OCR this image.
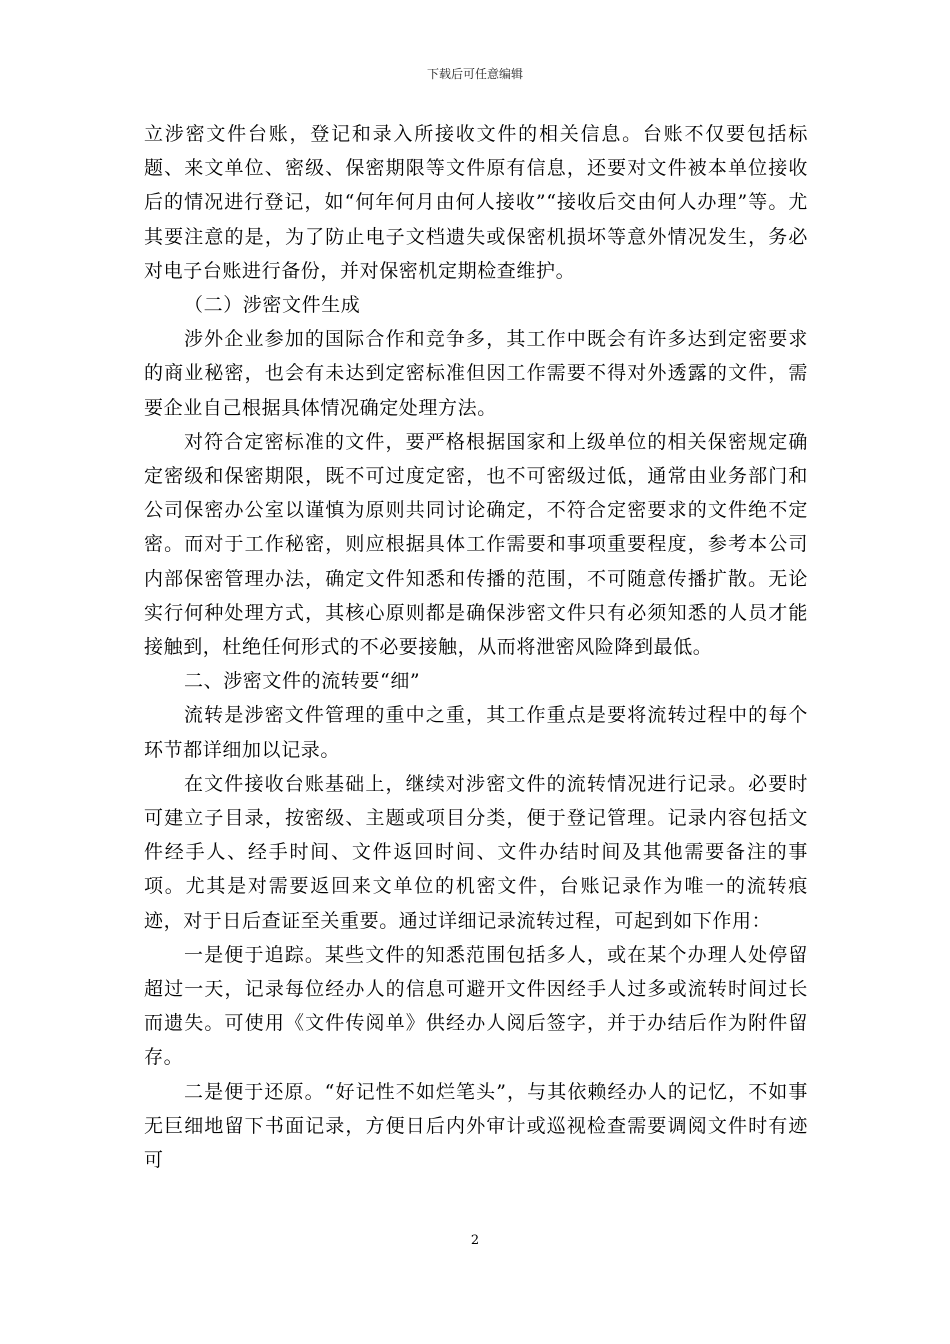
下载后可任意编辑

立涉密文件台账，登记和录入所接收文件的相关信息。台账不仅要包括标题、来文单位、密级、保密期限等文件原有信息，还要对文件被本单位接收后的情况进行登记，如“何年何月由何人接收”“接收后交由何人办理”等。尤其要注意的是，为了防止电子文档遗失或保密机损坏等意外情况发生，务必对电子台账进行备份，并对保密机定期检查维护。

（二）涉密文件生成

涉外企业参加的国际合作和竞争多，其工作中既会有许多达到定密要求的商业秘密，也会有未达到定密标准但因工作需要不得对外透露的文件，需要企业自己根据具体情况确定处理方法。

对符合定密标准的文件，要严格根据国家和上级单位的相关保密规定确定密级和保密期限，既不可过度定密，也不可密级过低，通常由业务部门和公司保密办公室以谨慎为原则共同讨论确定，不符合定密要求的文件绝不定密。而对于工作秘密，则应根据具体工作需要和事项重要程度，参考本公司内部保密管理办法，确定文件知悉和传播的范围，不可随意传播扩散。无论实行何种处理方式，其核心原则都是确保涉密文件只有必须知悉的人员才能接触到，杜绝任何形式的不必要接触，从而将泄密风险降到最低。

二、涉密文件的流转要“细”

流转是涉密文件管理的重中之重，其工作重点是要将流转过程中的每个环节都详细加以记录。

在文件接收台账基础上，继续对涉密文件的流转情况进行记录。必要时可建立子目录，按密级、主题或项目分类，便于登记管理。记录内容包括文件经手人、经手时间、文件返回时间、文件办结时间及其他需要备注的事项。尤其是对需要返回来文单位的机密文件，台账记录作为唯一的流转痕迹，对于日后查证至关重要。通过详细记录流转过程，可起到如下作用：

一是便于追踪。某些文件的知悉范围包括多人，或在某个办理人处停留超过一天，记录每位经办人的信息可避开文件因经手人过多或流转时间过长而遗失。可使用《文件传阅单》供经办人阅后签字，并于办结后作为附件留存。

二是便于还原。“好记性不如烂笔头”，与其依赖经办人的记忆，不如事无巨细地留下书面记录，方便日后内外审计或巡视检查需要调阅文件时有迹可

2
